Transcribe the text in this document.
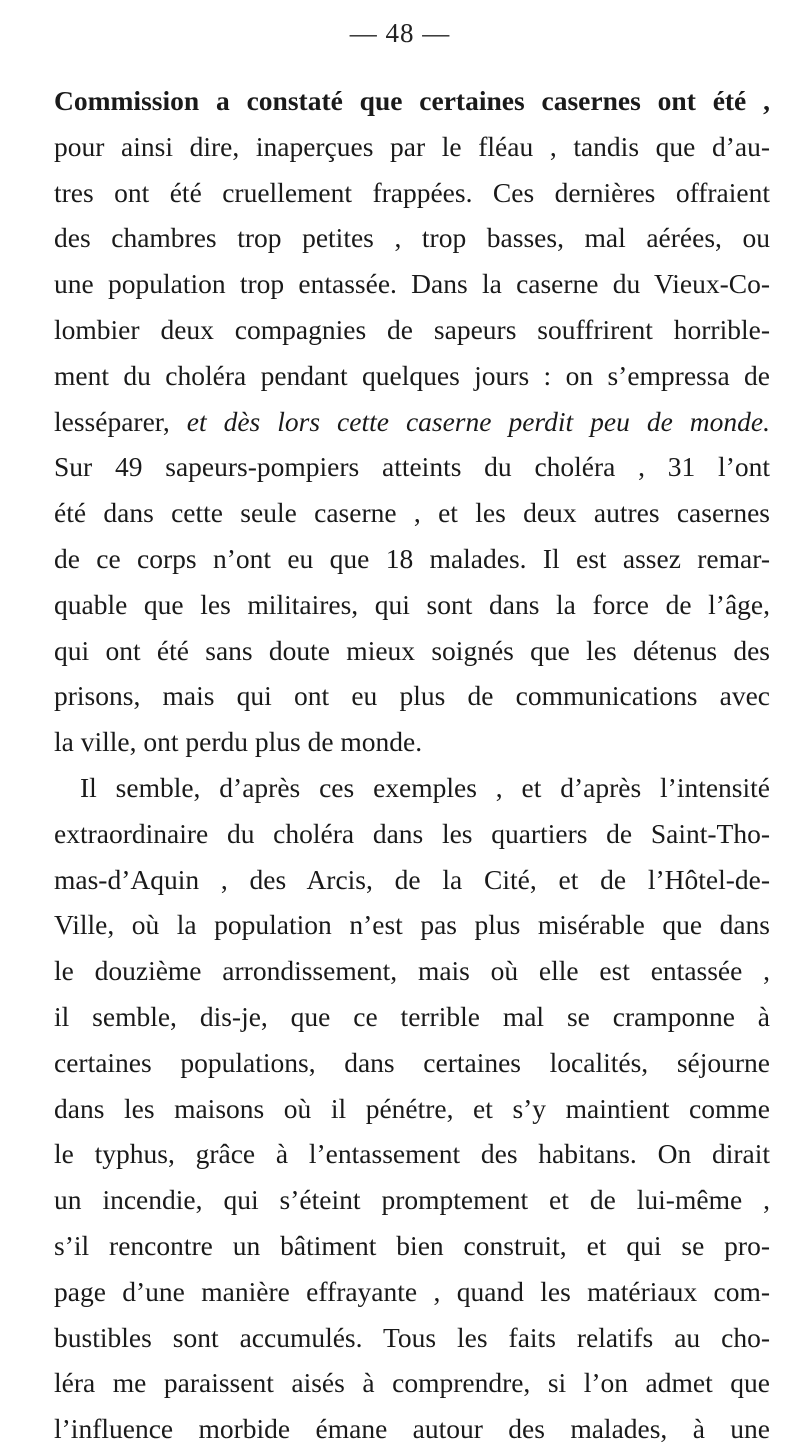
— 48 —
Commission a constaté que certaines casernes ont été ,
pour ainsi dire, inaperçues par le fléau , tandis que d’au-
tres ont été cruellement frappées. Ces dernières offraient
des chambres trop petites , trop basses, mal aérées, ou
une population trop entassée. Dans la caserne du Vieux-Co-
lombier deux compagnies de sapeurs souffrirent horrible-
ment du choléra pendant quelques jours : on s’empressa de
lesséparer, et dès lors cette caserne perdit peu de monde.
Sur 49 sapeurs-pompiers atteints du choléra , 31 l’ont
été dans cette seule caserne , et les deux autres casernes
de ce corps n’ont eu que 18 malades. Il est assez remar-
quable que les militaires, qui sont dans la force de l’âge,
qui ont été sans doute mieux soignés que les détenus des
prisons, mais qui ont eu plus de communications avec
la ville, ont perdu plus de monde.
Il semble, d’après ces exemples , et d’après l’intensité
extraordinaire du choléra dans les quartiers de Saint-Tho-
mas-d’Aquin , des Arcis, de la Cité, et de l’Hôtel-de-
Ville, où la population n’est pas plus misérable que dans
le douzième arrondissement, mais où elle est entassée ,
il semble, dis-je, que ce terrible mal se cramponne à
certaines populations, dans certaines localités, séjourne
dans les maisons où il pénétre, et s’y maintient comme
le typhus, grâce à l’entassement des habitans. On dirait
un incendie, qui s’éteint promptement et de lui-même ,
s’il rencontre un bâtiment bien construit, et qui se pro-
page d’une manière effrayante , quand les matériaux com-
bustibles sont accumulés. Tous les faits relatifs au cho-
léra me paraissent aisés à comprendre, si l’on admet que
l’influence morbide émane autour des malades, à une
